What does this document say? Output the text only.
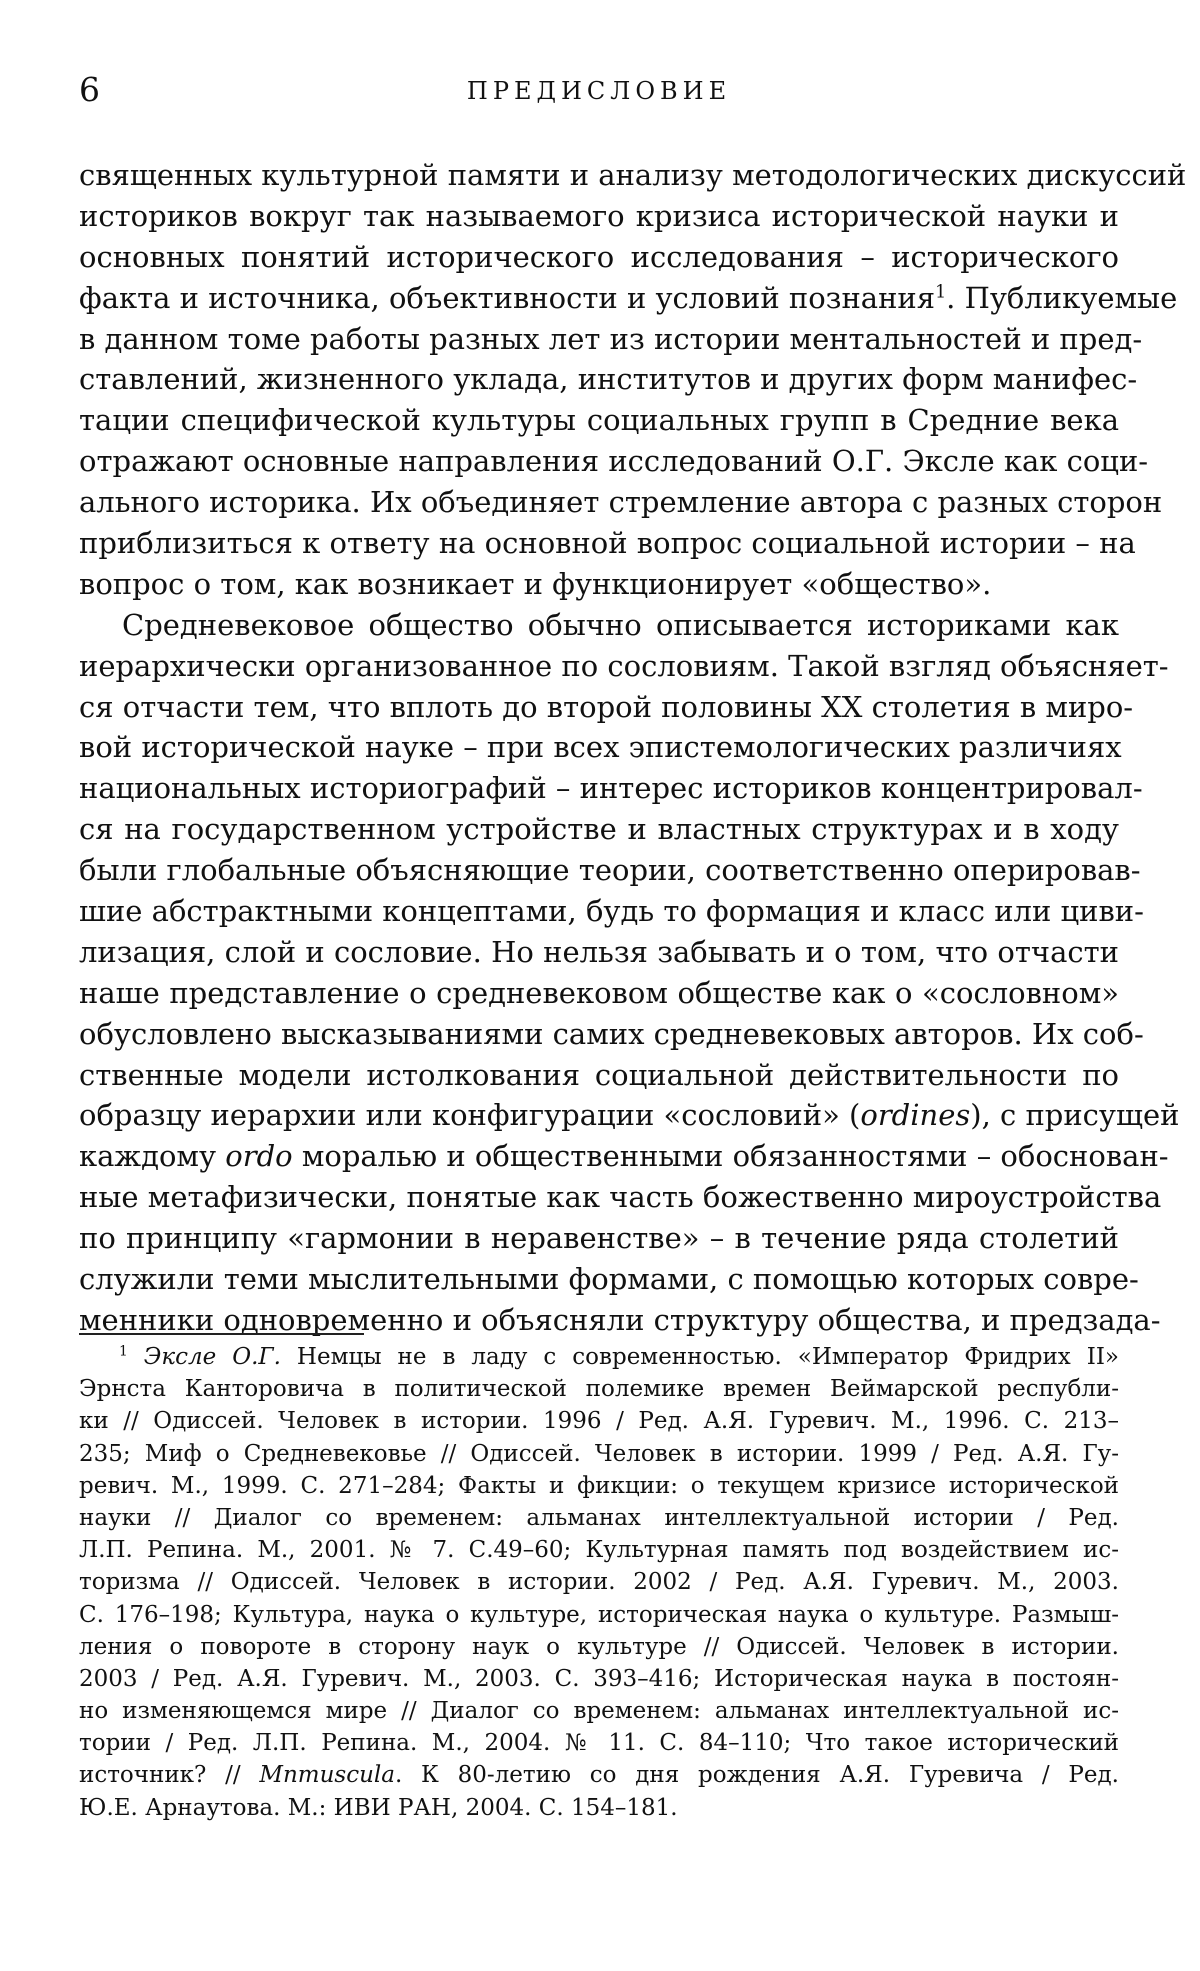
6	ПРЕДИСЛОВИЕ
священных культурной памяти и анализу методологических дискуссий
историков вокруг так называемого кризиса исторической науки и
основных понятий исторического исследования – исторического
факта и источника, объективности и условий познания$^1$. Публикуемые
в данном томе работы разных лет из истории ментальностей и пред-
ставлений, жизненного уклада, институтов и других форм манифес-
тации специфической культуры социальных групп в Средние века
отражают основные направления исследований О.Г. Эксле как соци-
ального историка. Их объединяет стремление автора с разных сторон
приблизиться к ответу на основной вопрос социальной истории – на
вопрос о том, как возникает и функционирует «общество».
Средневековое общество обычно описывается историками как
иерархически организованное по сословиям. Такой взгляд объясняет-
ся отчасти тем, что вплоть до второй половины XX столетия в миро-
вой исторической науке – при всех эпистемологических различиях
национальных историографий – интерес историков концентрировал-
ся на государственном устройстве и властных структурах и в ходу
были глобальные объясняющие теории, соответственно оперировав-
шие абстрактными концептами, будь то формация и класс или циви-
лизация, слой и сословие. Но нельзя забывать и о том, что отчасти
наше представление о средневековом обществе как о «сословном»
обусловлено высказываниями самих средневековых авторов. Их соб-
ственные модели истолкования социальной действительности по
образцу иерархии или конфигурации «сословий» (ordines), с присущей
каждому ordo моралью и общественными обязанностями – обоснован-
ные метафизически, понятые как часть божественно мироустройства
по принципу «гармонии в неравенстве» – в течение ряда столетий
служили теми мыслительными формами, с помощью которых совре-
менники одновременно и объясняли структуру общества, и предзада-
$^1$ Эксле О.Г. Немцы не в ладу с современностью. «Император Фридрих II»
Эрнста Канторовича в политической полемике времен Веймарской республи-
ки // Одиссей. Человек в истории. 1996 / Ред. А.Я. Гуревич. М., 1996. С. 213–
235; Миф о Средневековье // Одиссей. Человек в истории. 1999 / Ред. А.Я. Гу-
ревич. М., 1999. С. 271–284; Факты и фикции: о текущем кризисе исторической
науки // Диалог со временем: альманах интеллектуальной истории / Ред.
Л.П. Репина. М., 2001. № 7. С.49–60; Культурная память под воздействием ис-
торизма // Одиссей. Человек в истории. 2002 / Ред. А.Я. Гуревич. М., 2003.
С. 176–198; Культура, наука о культуре, историческая наука о культуре. Размыш-
ления о повороте в сторону наук о культуре // Одиссей. Человек в истории.
2003 / Ред. А.Я. Гуревич. М., 2003. С. 393–416; Историческая наука в постоян-
но изменяющемся мире // Диалог со временем: альманах интеллектуальной ис-
тории / Ред. Л.П. Репина. М., 2004. № 11. С. 84–110; Что такое исторический
источник? // Mnmuscula. К 80-летию со дня рождения А.Я. Гуревича / Ред.
Ю.Е. Арнаутова. М.: ИВИ РАН, 2004. С. 154–181.
